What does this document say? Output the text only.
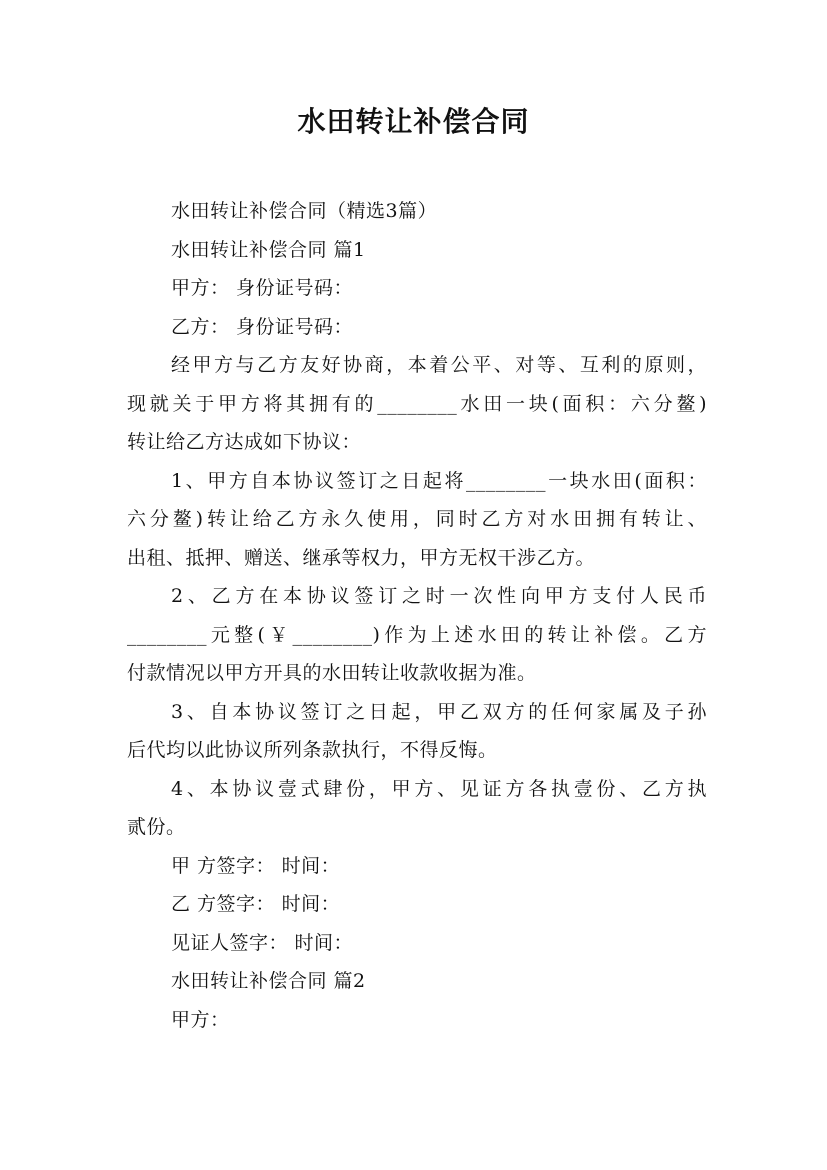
水田转让补偿合同
水田转让补偿合同（精选3篇）
水田转让补偿合同 篇1
甲方： 身份证号码：
乙方： 身份证号码：
经甲方与乙方友好协商，本着公平、对等、互利的原则，
现就关于甲方将其拥有的________水田一块(面积：六分鳌)
转让给乙方达成如下协议：
1、甲方自本协议签订之日起将________一块水田(面积：
六分鳌)转让给乙方永久使用，同时乙方对水田拥有转让、
出租、抵押、赠送、继承等权力，甲方无权干涉乙方。
2、乙方在本协议签订之时一次性向甲方支付人民币
________元整(￥________)作为上述水田的转让补偿。乙方
付款情况以甲方开具的水田转让收款收据为准。
3、自本协议签订之日起，甲乙双方的任何家属及子孙
后代均以此协议所列条款执行，不得反悔。
4、本协议壹式肆份，甲方、见证方各执壹份、乙方执
贰份。
甲 方签字： 时间：
乙 方签字： 时间：
见证人签字： 时间：
水田转让补偿合同 篇2
甲方：
